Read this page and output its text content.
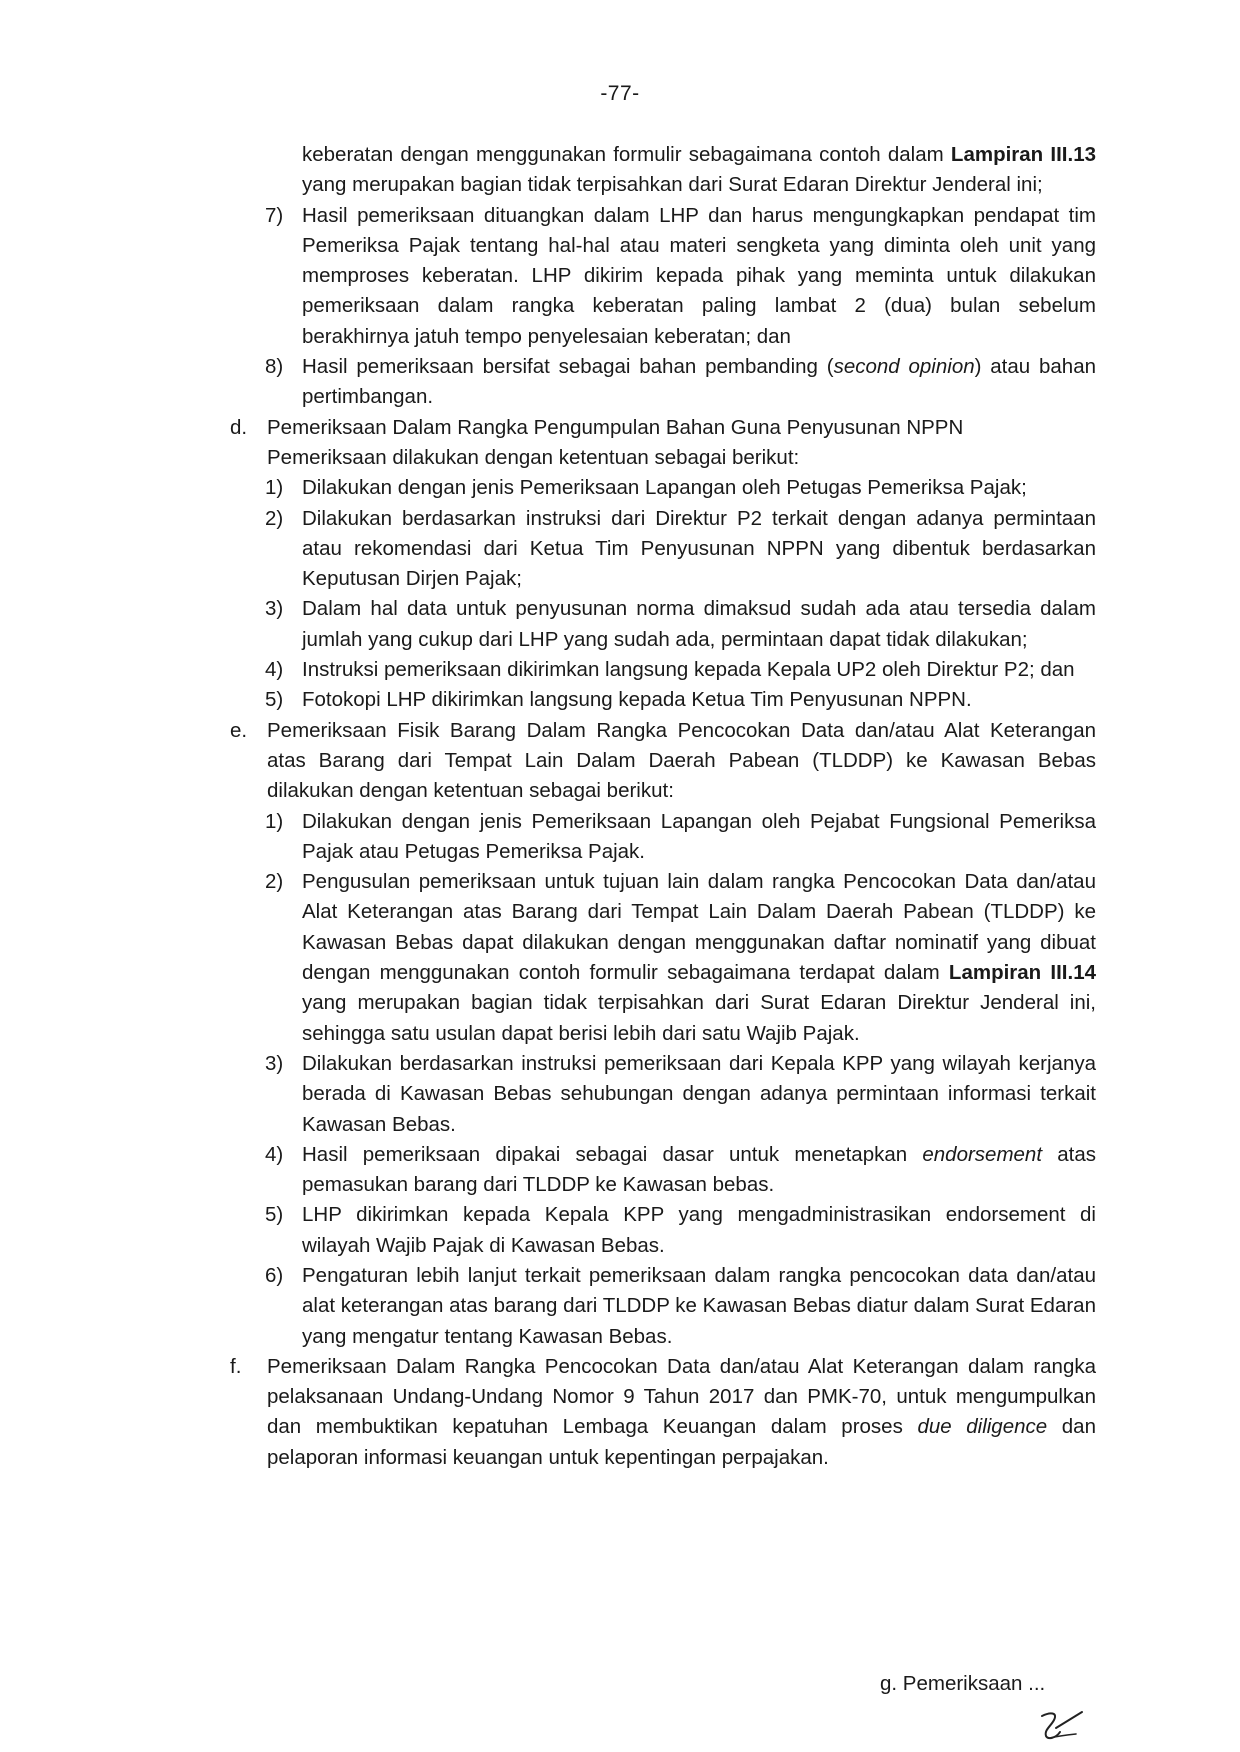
-77-
keberatan dengan menggunakan formulir sebagaimana contoh dalam Lampiran III.13 yang merupakan bagian tidak terpisahkan dari Surat Edaran Direktur Jenderal ini;
7) Hasil pemeriksaan dituangkan dalam LHP dan harus mengungkapkan pendapat tim Pemeriksa Pajak tentang hal-hal atau materi sengketa yang diminta oleh unit yang memproses keberatan. LHP dikirim kepada pihak yang meminta untuk dilakukan pemeriksaan dalam rangka keberatan paling lambat 2 (dua) bulan sebelum berakhirnya jatuh tempo penyelesaian keberatan; dan
8) Hasil pemeriksaan bersifat sebagai bahan pembanding (second opinion) atau bahan pertimbangan.
d. Pemeriksaan Dalam Rangka Pengumpulan Bahan Guna Penyusunan NPPN
Pemeriksaan dilakukan dengan ketentuan sebagai berikut:
1) Dilakukan dengan jenis Pemeriksaan Lapangan oleh Petugas Pemeriksa Pajak;
2) Dilakukan berdasarkan instruksi dari Direktur P2 terkait dengan adanya permintaan atau rekomendasi dari Ketua Tim Penyusunan NPPN yang dibentuk berdasarkan Keputusan Dirjen Pajak;
3) Dalam hal data untuk penyusunan norma dimaksud sudah ada atau tersedia dalam jumlah yang cukup dari LHP yang sudah ada, permintaan dapat tidak dilakukan;
4) Instruksi pemeriksaan dikirimkan langsung kepada Kepala UP2 oleh Direktur P2; dan
5) Fotokopi LHP dikirimkan langsung kepada Ketua Tim Penyusunan NPPN.
e. Pemeriksaan Fisik Barang Dalam Rangka Pencocokan Data dan/atau Alat Keterangan atas Barang dari Tempat Lain Dalam Daerah Pabean (TLDDP) ke Kawasan Bebas dilakukan dengan ketentuan sebagai berikut:
1) Dilakukan dengan jenis Pemeriksaan Lapangan oleh Pejabat Fungsional Pemeriksa Pajak atau Petugas Pemeriksa Pajak.
2) Pengusulan pemeriksaan untuk tujuan lain dalam rangka Pencocokan Data dan/atau Alat Keterangan atas Barang dari Tempat Lain Dalam Daerah Pabean (TLDDP) ke Kawasan Bebas dapat dilakukan dengan menggunakan daftar nominatif yang dibuat dengan menggunakan contoh formulir sebagaimana terdapat dalam Lampiran III.14 yang merupakan bagian tidak terpisahkan dari Surat Edaran Direktur Jenderal ini, sehingga satu usulan dapat berisi lebih dari satu Wajib Pajak.
3) Dilakukan berdasarkan instruksi pemeriksaan dari Kepala KPP yang wilayah kerjanya berada di Kawasan Bebas sehubungan dengan adanya permintaan informasi terkait Kawasan Bebas.
4) Hasil pemeriksaan dipakai sebagai dasar untuk menetapkan endorsement atas pemasukan barang dari TLDDP ke Kawasan bebas.
5) LHP dikirimkan kepada Kepala KPP yang mengadministrasikan endorsement di wilayah Wajib Pajak di Kawasan Bebas.
6) Pengaturan lebih lanjut terkait pemeriksaan dalam rangka pencocokan data dan/atau alat keterangan atas barang dari TLDDP ke Kawasan Bebas diatur dalam Surat Edaran yang mengatur tentang Kawasan Bebas.
f.	Pemeriksaan Dalam Rangka Pencocokan Data dan/atau Alat Keterangan dalam rangka pelaksanaan Undang-Undang Nomor 9 Tahun 2017 dan PMK-70, untuk mengumpulkan dan membuktikan kepatuhan Lembaga Keuangan dalam proses due diligence dan pelaporan informasi keuangan untuk kepentingan perpajakan.
g. Pemeriksaan ...
